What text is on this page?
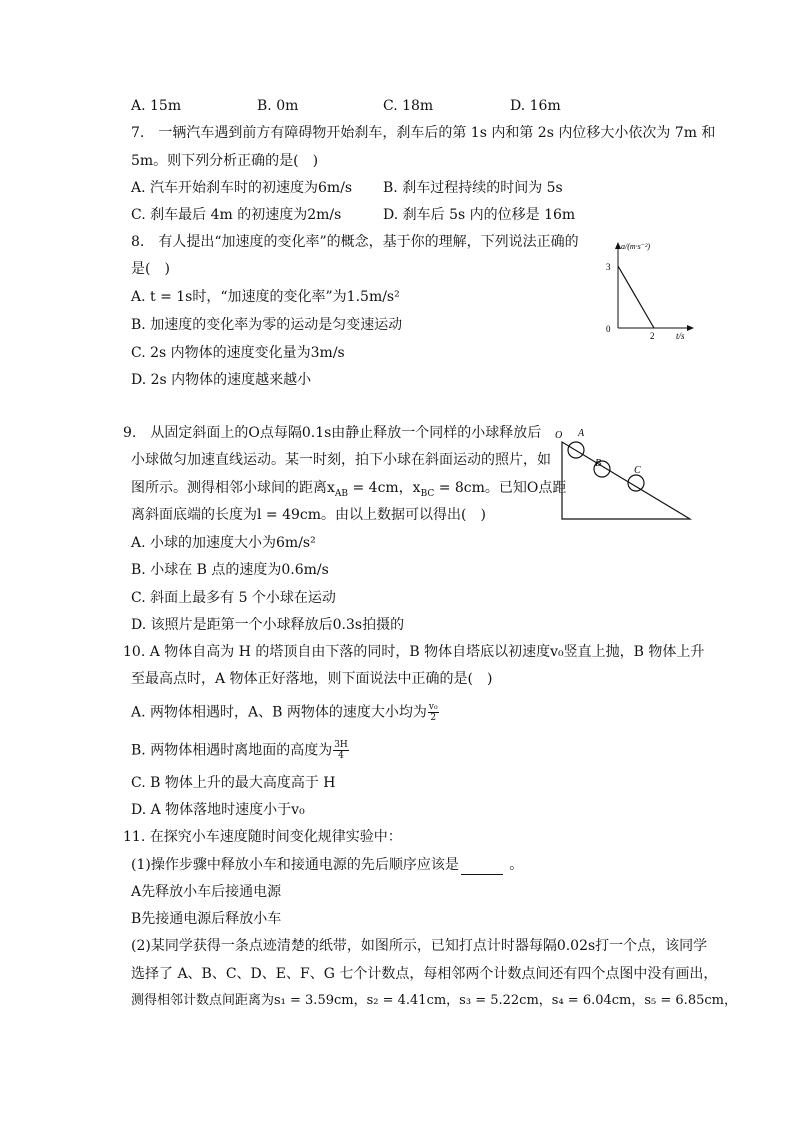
A. 15m	B. 0m	C. 18m	D. 16m
7.　一辆汽车遇到前方有障碍物开始刹车，刹车后的第 1s 内和第 2s 内位移大小依次为 7m 和
5m。则下列分析正确的是(　)
A. 汽车开始刹车时的初速度为6m/s B. 刹车过程持续的时间为 5s
C. 刹车最后 4m 的初速度为2m/s	D. 刹车后 5s 内的位移是 16m
8.　有人提出“加速度的变化率”的概念，基于你的理解，下列说法正确的
是(　)
A. t = 1s时，“加速度的变化率”为1.5m/s²
B. 加速度的变化率为零的运动是匀变速运动
C. 2s 内物体的速度变化量为3m/s
D. 2s 内物体的速度越来越小
a/(m·s⁻²)
t/s
3
2
0
9.　从固定斜面上的O点每隔0.1s由静止释放一个同样的小球释放后
小球做匀加速直线运动。某一时刻，拍下小球在斜面运动的照片，如
图所示。测得相邻小球间的距离$x_{AB} = 4cm$，$x_{BC} = 8cm$。已知O点距
离斜面底端的长度为l = 49cm。由以上数据可以得出(　)
A. 小球的加速度大小为6m/s²
B. 小球在 B 点的速度为0.6m/s
C. 斜面上最多有 5 个小球在运动
D. 该照片是距第一个小球释放后0.3s拍摄的
O A
B
C
10. A 物体自高为 H 的塔顶自由下落的同时，B 物体自塔底以初速度v₀竖直上抛，B 物体上升
至最高点时，A 物体正好落地，则下面说法中正确的是(　)
A. 两物体相遇时，A、B 两物体的速度大小均为 $\frac{\text{v₀}}{2}$
B. 两物体相遇时离地面的高度为 $\frac{3H}{4}$
C. B 物体上升的最大高度高于 H
D. A 物体落地时速度小于v₀
11. 在探究小车速度随时间变化规律实验中：
(1)操作步骤中释放小车和接通电源的先后顺序应该是	。
A先释放小车后接通电源
B先接通电源后释放小车
(2)某同学获得一条点迹清楚的纸带，如图所示，已知打点计时器每隔0.02s打一个点，该同学
选择了 A、B、C、D、E、F、G 七个计数点，每相邻两个计数点间还有四个点图中没有画出，
测得相邻计数点间距离为s₁ = 3.59cm，s₂ = 4.41cm，s₃ = 5.22cm，s₄ = 6.04cm，s₅ = 6.85cm，
